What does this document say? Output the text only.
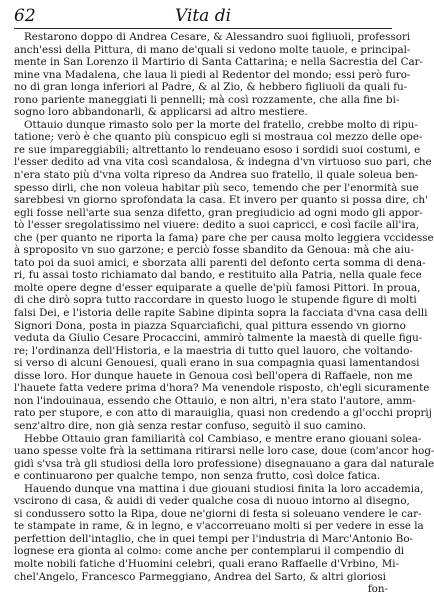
62	Vita di
Restarono doppo di Andrea Cesare, & Alessandro suoi figliuoli, professori
anch'essi della Pittura, di mano de'quali si vedono molte tauole, e principal-
mente in San Lorenzo il Martirio di Santa Cattarina; e nella Sacrestia del Car-
mine vna Madalena, che laua li piedi al Redentor del mondo; essi però furo-
no di gran longa inferiori al Padre, & al Zio, & hebbero figliuoli da quali fu-
rono pariente maneggiati li pennelli; mà così rozzamente, che alla fine bi-
sogno loro abbandonarli, & applicarsi ad altro mestiere.
Ottauio dunque rimasto solo per la morte del fratello, crebbe molto di ripu-
tatione; verò è che quanto più conspicuo egli si mostraua col mezzo delle ope-
re sue impareggiabili; altrettanto lo rendeuano esoso i sordidi suoi costumi, e
l'esser dedito ad vna vita così scandalosa, & indegna d'vn virtuoso suo pari, che
n'era stato più d'vna volta ripreso da Andrea suo fratello, il quale soleua ben-
spesso dirli, che non voleua habitar più seco, temendo che per l'enormità sue
sarebbesi vn giorno sprofondata la casa. Et invero per quanto si possa dire, ch'
egli fosse nell'arte sua senza difetto, gran pregiudicio ad ogni modo gli appor-
tò l'esser sregolatissimo nel viuere: dedito a suoi capricci, e così facile all'ira,
che (per quanto ne riporta la fama) pare che per causa molto leggiera vccidesse
à sproposito vn suo garzone; e perciò fosse sbandito da Genoua: mà che aiu-
tato poi da suoi amici, e sborzata alli parenti del defonto certa somma di dena-
ri, fu assai tosto richiamato dal bando, e restituito alla Patria, nella quale fece
molte opere degne d'esser equiparate a quelle de'più famosi Pittori. In proua,
di che dirò sopra tutto raccordare in questo luogo le stupende figure di molti
falsi Dei, e l'istoria delle rapite Sabine dipinta sopra la facciata d'vna casa delli
Signori Dona, posta in piazza Squarciafichi, qual pittura essendo vn giorno
veduta da Giulio Cesare Procaccini, ammirò talmente la maestà di quelle figu-
re; l'ordinanza dell'Historia, e la maestria di tutto quel lauoro, che voltando-
si verso di alcuni Genouesi, quali erano in sua compagnia quasi lamentandosi
disse loro. Hor dunque hauete in Genoua così bell'opera di Raffaele, non me
l'hauete fatta vedere prima d'hora? Ma venendole risposto, ch'egli sicuramente
non l'indouinaua, essendo che Ottauio, e non altri, n'era stato l'autore, amm-
rato per stupore, e con atto di marauiglia, quasi non credendo a gl'occhi proprij
senz'altro dire, non già senza restar confuso, seguitò il suo camino.
Hebbe Ottauio gran familiarità col Cambiaso, e mentre erano giouani solea-
uano spesse volte frà la settimana ritirarsi nelle loro case, doue (com'ancor hog-
gidì s'vsa trà gli studiosi della loro professione) disegnauano a gara dal naturale
e continuarono per qualche tempo, non senza frutto, così dolce fatica.
Hauendo dunque vna mattina i due giouani studiosi finita la loro accademia,
vscirono di casa, & auidi di veder qualche cosa di nuouo intorno al disegno,
si condussero sotto la Ripa, doue ne'giorni di festa si soleuano vendere le car-
te stampate in rame, & in legno, e v'accorreuano molti si per vedere in esse la
perfettion dell'intaglio, che in quei tempi per l'industria di Marc'Antonio Bo-
lognese era gionta al colmo: come anche per contemplarui il compendio di
molte nobili fatiche d'Huomini celebri, quali erano Raffaelle d'Vrbino, Mi-
chel'Angelo, Francesco Parmeggiano, Andrea del Sarto, & altri gloriosi
fon-
